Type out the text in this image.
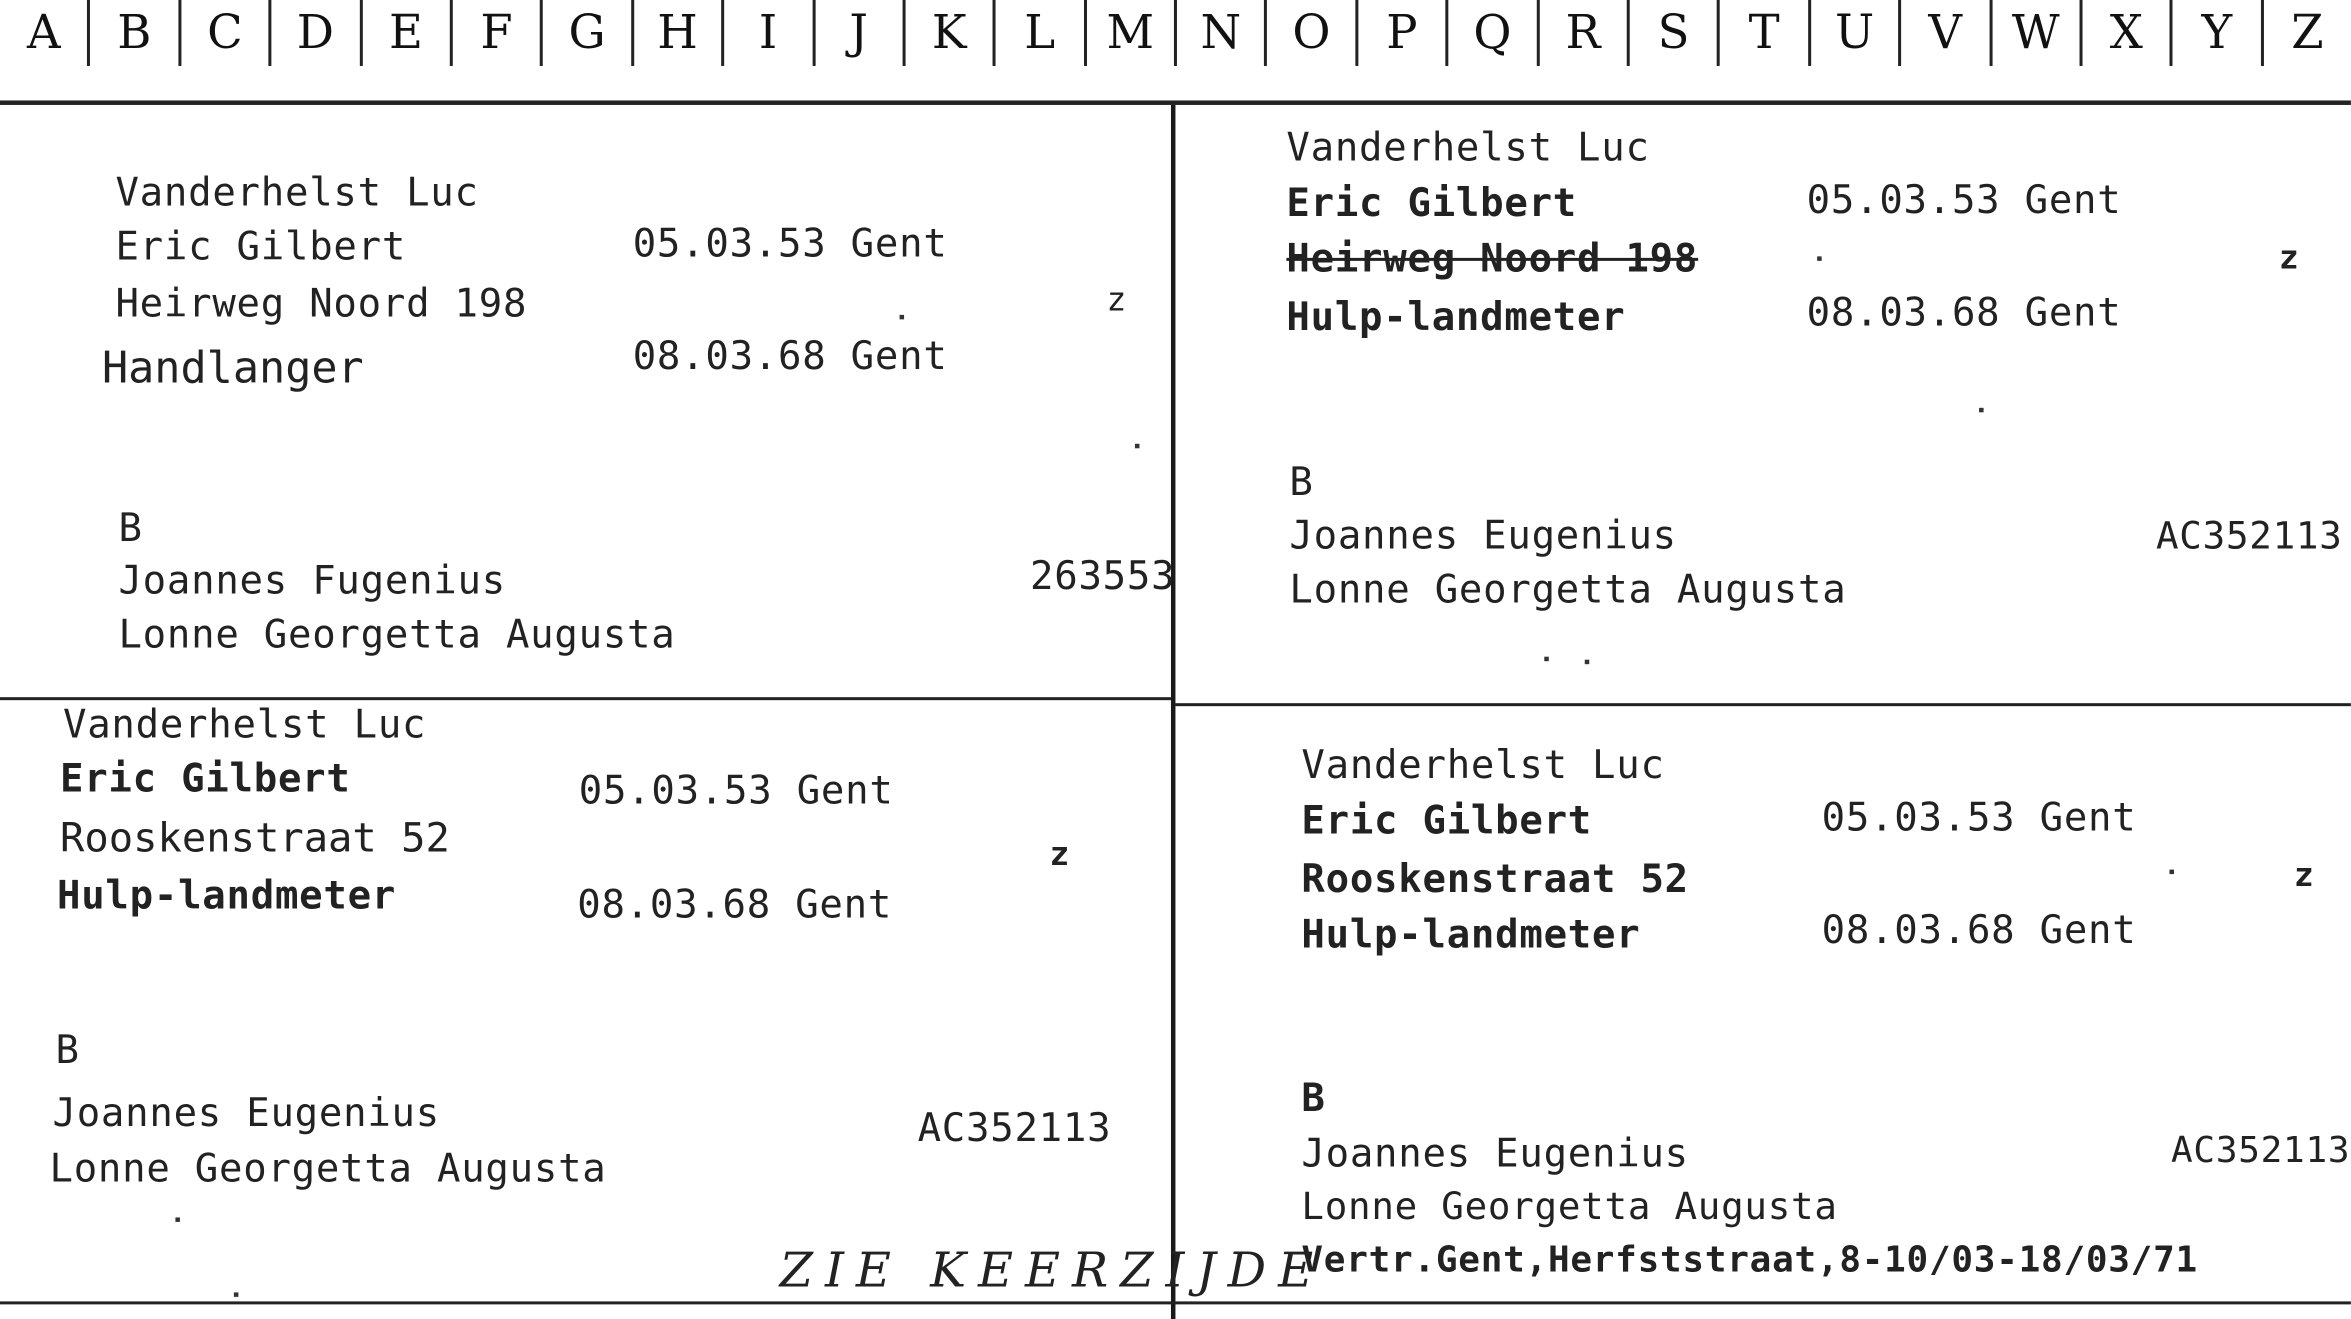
A	B	C	D	E	F	G	H	I	J	K	L	M	N	O	P	Q	R	S	T	U	V	W	X	Y	Z
Vanderhelst Luc
Eric Gilbert	05.03.53 Gent
Heirweg Noord 198	z
Handlanger	08.03.68 Gent
B
Joannes Fugenius	263553
Lonne Georgetta Augusta
Vanderhelst Luc
Eric Gilbert	05.03.53 Gent
Heirweg Noord 198	z
Hulp-landmeter	08.03.68 Gent
B
Joannes Eugenius	AC352113
Lonne Georgetta Augusta
Vanderhelst Luc
Eric Gilbert	05.03.53 Gent
Rooskenstraat 52	z
Hulp-landmeter	08.03.68 Gent
B
Joannes Eugenius	AC352113
Lonne Georgetta Augusta
ZIE KEERZIJDE
Vanderhelst Luc
Eric Gilbert	05.03.53 Gent
Rooskenstraat 52	z
Hulp-landmeter	08.03.68 Gent
B
Joannes Eugenius	AC352113
Lonne Georgetta Augusta
Vertr.Gent,Herfststraat,8-10/03-18/03/71
